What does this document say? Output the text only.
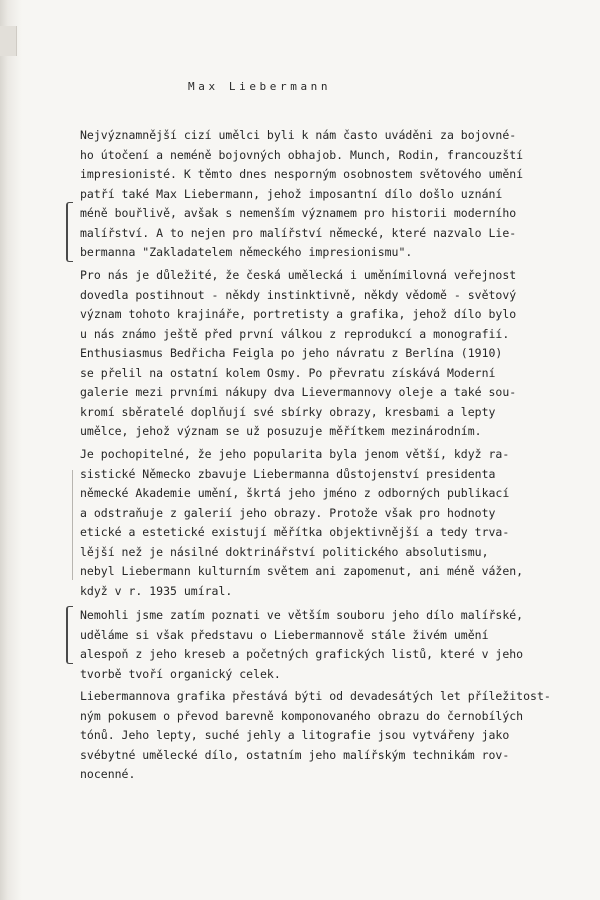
Max Liebermann
Nejvýznamnější cizí umělci byli k nám často uváděni za bojovné-
ho útočení a neméně bojovných obhajob. Munch, Rodin, francouzští
impresionisté. K těmto dnes nesporným osobnostem světového umění
patří také Max Liebermann, jehož imposantní dílo došlo uznání
méně bouřlivě, avšak s nemenším významem pro historii moderního
malířství. A to nejen pro malířství německé, které nazvalo Lie-
bermanna "Zakladatelem německého impresionismu".
Pro nás je důležité, že česká umělecká i uměnímilovná veřejnost
dovedla postihnout - někdy instinktivně, někdy vědomě - světový
význam tohoto krajináře, portretisty a grafika, jehož dílo bylo
u nás známo ještě před první válkou z reprodukcí a monografií.
Enthusiasmus Bedřicha Feigla po jeho návratu z Berlína (1910)
se přelil na ostatní kolem Osmy. Po převratu získává Moderní
galerie mezi prvními nákupy dva Lievermannovy oleje a také sou-
kromí sběratelé doplňují své sbírky obrazy, kresbami a lepty
umělce, jehož význam se už posuzuje měřítkem mezinárodním.
Je pochopitelné, že jeho popularita byla jenom větší, když ra-
sistické Německo zbavuje Liebermanna důstojenství presidenta
německé Akademie umění, škrtá jeho jméno z odborných publikací
a odstraňuje z galerií jeho obrazy. Protože však pro hodnoty
etické a estetické existují měřítka objektivnější a tedy trva-
lější než je násilné doktrinářství politického absolutismu,
nebyl Liebermann kulturním světem ani zapomenut, ani méně vážen,
když v r. 1935 umíral.
Nemohli jsme zatím poznati ve větším souboru jeho dílo malířské,
uděláme si však představu o Liebermannově stále živém umění
alespoň z jeho kreseb a početných grafických listů, které v jeho
tvorbě tvoří organický celek.
Liebermannova grafika přestává býti od devadesátých let příležitost-
ným pokusem o převod barevně komponovaného obrazu do černobílých
tónů. Jeho lepty, suché jehly a litografie jsou vytvářeny jako
svébytné umělecké dílo, ostatním jeho malířským technikám rov-
nocenné.
